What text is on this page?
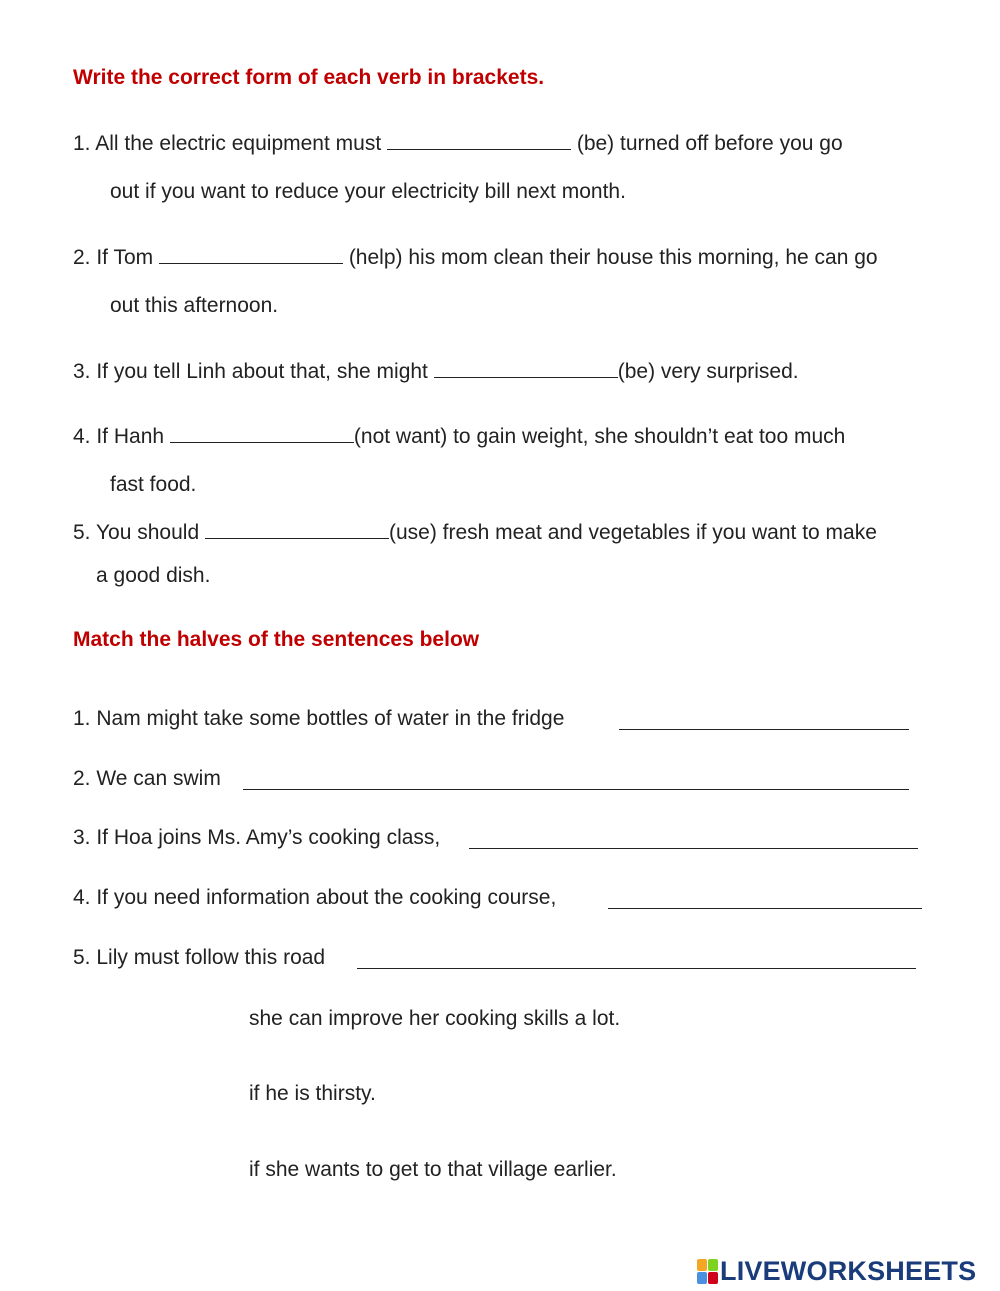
Write the correct form of each verb in brackets.
1. All the electric equipment must	(be) turned off before you go
out if you want to reduce your electricity bill next month.
2. If Tom	(help) his mom clean their house this morning, he can go
out this afternoon.
3. If you tell Linh about that, she might	(be) very surprised.
4. If Hanh	(not want) to gain weight, she shouldn’t eat too much
fast food.
5. You should	(use) fresh meat and vegetables if you want to make
a good dish.
Match the halves of the sentences below
1. Nam might take some bottles of water in the fridge
2. We can swim
3. If Hoa joins Ms. Amy’s cooking class,
4. If you need information about the cooking course,
5. Lily must follow this road
she can improve her cooking skills a lot.
if he is thirsty.
if she wants to get to that village earlier.
LIVEWORKSHEETS
